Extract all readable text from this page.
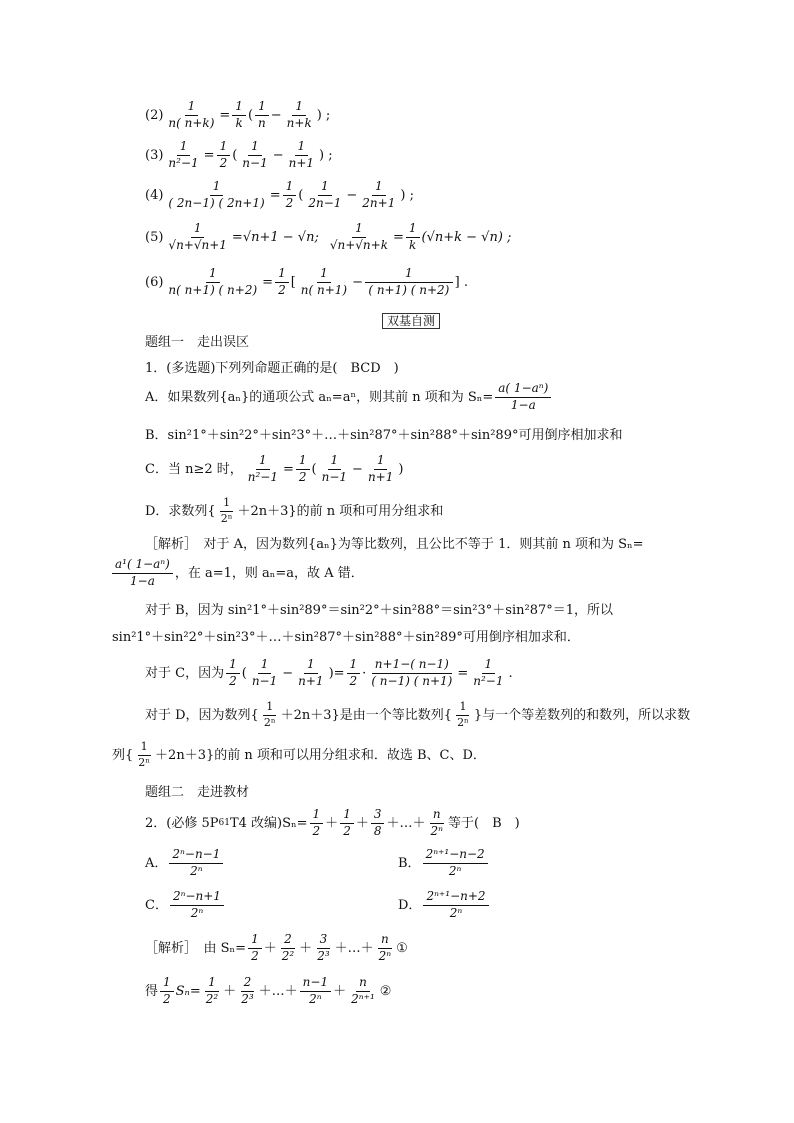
$(2) \frac{1}{n( n+k)} = \frac{1}{k}$ ( $\frac{1}{n} - \frac{1}{n+k}$ ) ;
$(3) \frac{1}{\text{n²−1}} = \frac{1}{2}$ ( $\frac{1}{n-1} - \frac{1}{n+1}$ ) ;
$(4) \frac{1}{( 2n-1) ( 2n+1)} = \frac{1}{2}$ ( $\frac{1}{2n-1} - \frac{1}{2n+1}$ ) ;
$(5) \frac{1}{√n+√n+1} =√n+1 - √n$; $\frac{1}{√n+√n+k} = \frac{1}{k} (√n+k - √n)$ ;
$(6) \frac{1}{n( n+1) ( n+2)} = \frac{1}{2}$ [ $\frac{1}{n( n+1)} - \frac{1}{( n+1) ( n+2)}$ ] .
双基自测
题组一　走出误区
1．(多选题)下列列命题正确的是(　BCD　)
A．如果数列{aₙ}的通项公式 aₙ=aⁿ，则其前 n 项和为 $S_n= \frac{\text{a( 1−aⁿ)}}{1-a}$
B．sin²1°＋sin²2°＋sin²3°＋…＋sin²87°＋sin²88°＋sin²89°可用倒序相加求和
C．当 n≥2 时， $\frac{1}{\text{n²−1}} = \frac{1}{2}$ ( $\frac{1}{n-1} - \frac{1}{n+1}$ )
D．求数列{ $\frac{1}{\text{2ⁿ}} +2n+3$}的前 n 项和可用分组求和
［解析］　对于 A，因为数列{aₙ}为等比数列，且公比不等于 1．则其前 n 项和为 Sₙ=
$\frac{\text{a¹( 1−aⁿ)}}{1-a}$ ，在 a=1，则 aₙ=a，故 A 错．
对于 B，因为 sin²1°＋sin²89°＝sin²2°＋sin²88°＝sin²3°＋sin²87°＝1，所以
sin²1°＋sin²2°＋sin²3°＋…＋sin²87°＋sin²88°＋sin²89°可用倒序相加求和．
对于 C，因为 $\frac{1}{2}$ ( $\frac{1}{n-1} - \frac{1}{n+1}$ )= $\frac{1}{2} \cdot \frac{n+1-( n-1)}{( n-1) ( n+1)} = \frac{1}{\text{n²−1}}$ .
对于 D，因为数列{ $\frac{1}{\text{2ⁿ}} +2n+3$}是由一个等比数列{ $\frac{1}{\text{2ⁿ}}$ }与一个等差数列的和数列，所以求数
列{ $\frac{1}{\text{2ⁿ}} +2n+3$}的前 n 项和可以用分组求和．故选 B、C、D．
题组二　走进教材
2．(必修 5P 61 T4 改编)$S_n= \frac{1}{2} + \frac{1}{2} + \frac{3}{8}$ ＋…＋ $\frac{n}{\text{2ⁿ}}$ 等于(　B　)
A． $\frac{\text{2ⁿ−n−1}}{\text{2ⁿ}}$	B． $\frac{\text{2ⁿ⁺¹−n−2}}{\text{2ⁿ}}$
C． $\frac{\text{2ⁿ−n+1}}{\text{2ⁿ}}$	D． $\frac{\text{2ⁿ⁺¹−n+2}}{\text{2ⁿ}}$
［解析］　由 $S_n= \frac{1}{2} + \frac{2}{\text{2²}} + \frac{3}{\text{2³}}$ ＋…＋ $\frac{n}{\text{2ⁿ}}$ ①
得 $\frac{1}{2} S_n= \frac{1}{\text{2²}} + \frac{2}{\text{2³}}$ ＋…＋ $\frac{n-1}{\text{2ⁿ}} + \frac{n}{\text{2ⁿ⁺¹}}$ ②
